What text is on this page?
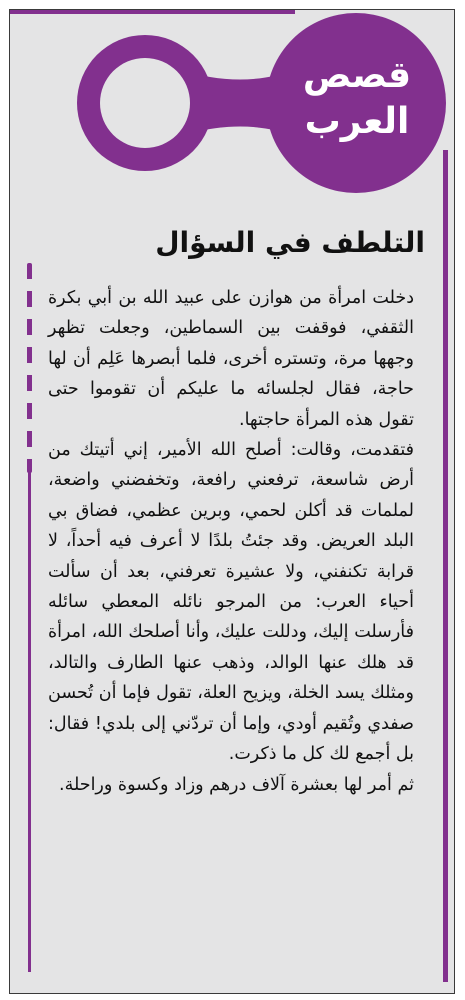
قصص
العرب
التلطف في السؤال

دخلت امرأة من هوازن على عبيد الله بن أبي بكرة الثقفي، فوقفت بين السماطين، وجعلت تظهر وجهها مرة، وتستره أخرى، فلما أبصرها عَلِم أن لها حاجة، فقال لجلسائه ما عليكم أن تقوموا حتى تقول هذه المرأة حاجتها.

فتقدمت، وقالت: أصلح الله الأمير، إني أتيتك من أرض شاسعة، ترفعني رافعة، وتخفضني واضعة، لملمات قد أكلن لحمي، وبرين عظمي، فضاق بي البلد العريض. وقد جئتُ بلدًا لا أعرف فيه أحداً، لا قرابة تكنفني، ولا عشيرة تعرفني، بعد أن سألت أحياء العرب: من المرجو نائله المعطي سائله فأرسلت إليك، ودللت عليك، وأنا أصلحك الله، امرأة قد هلك عنها الوالد، وذهب عنها الطارف والتالد، ومثلك يسد الخلة، ويزيح العلة، تقول فإما أن تُحسن صفدي وتُقيم أودي، وإما أن تردّني إلى بلدي! فقال: بل أجمع لك كل ما ذكرت.

ثم أمر لها بعشرة آلاف درهم وزاد وكسوة وراحلة.
